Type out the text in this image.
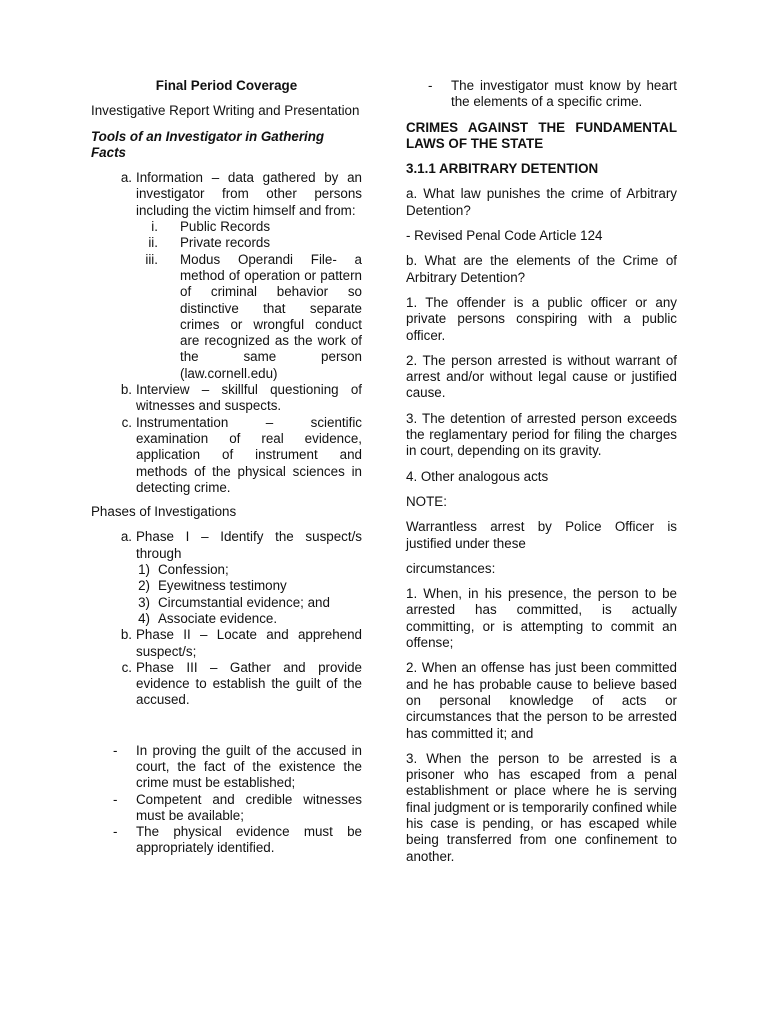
Final Period Coverage

Investigative Report Writing and Presentation

Tools of an Investigator in Gathering Facts

a. Information – data gathered by an investigator from other persons including the victim himself and from:
i. Public Records
ii. Private records
iii. Modus Operandi File- a method of operation or pattern of criminal behavior so distinctive that separate crimes or wrongful conduct are recognized as the work of the same person (law.cornell.edu)
b. Interview – skillful questioning of witnesses and suspects.
c. Instrumentation – scientific examination of real evidence, application of instrument and methods of the physical sciences in detecting crime.

Phases of Investigations

a. Phase I – Identify the suspect/s through
1) Confession;
2) Eyewitness testimony
3) Circumstantial evidence; and
4) Associate evidence.
b. Phase II – Locate and apprehend suspect/s;
c. Phase III – Gather and provide evidence to establish the guilt of the accused.
- In proving the guilt of the accused in court, the fact of the existence the crime must be established;
- Competent and credible witnesses must be available;
- The physical evidence must be appropriately identified.
- The investigator must know by heart the elements of a specific crime.

CRIMES AGAINST THE FUNDAMENTAL LAWS OF THE STATE

3.1.1 ARBITRARY DETENTION

a. What law punishes the crime of Arbitrary Detention?

- Revised Penal Code Article 124

b. What are the elements of the Crime of Arbitrary Detention?

1. The offender is a public officer or any private persons conspiring with a public officer.

2. The person arrested is without warrant of arrest and/or without legal cause or justified cause.

3. The detention of arrested person exceeds the reglamentary period for filing the charges in court, depending on its gravity.

4. Other analogous acts

NOTE:

Warrantless arrest by Police Officer is justified under these

circumstances:

1. When, in his presence, the person to be arrested has committed, is actually committing, or is attempting to commit an offense;

2. When an offense has just been committed and he has probable cause to believe based on personal knowledge of acts or circumstances that the person to be arrested has committed it; and

3. When the person to be arrested is a prisoner who has escaped from a penal establishment or place where he is serving final judgment or is temporarily confined while his case is pending, or has escaped while being transferred from one confinement to another.
